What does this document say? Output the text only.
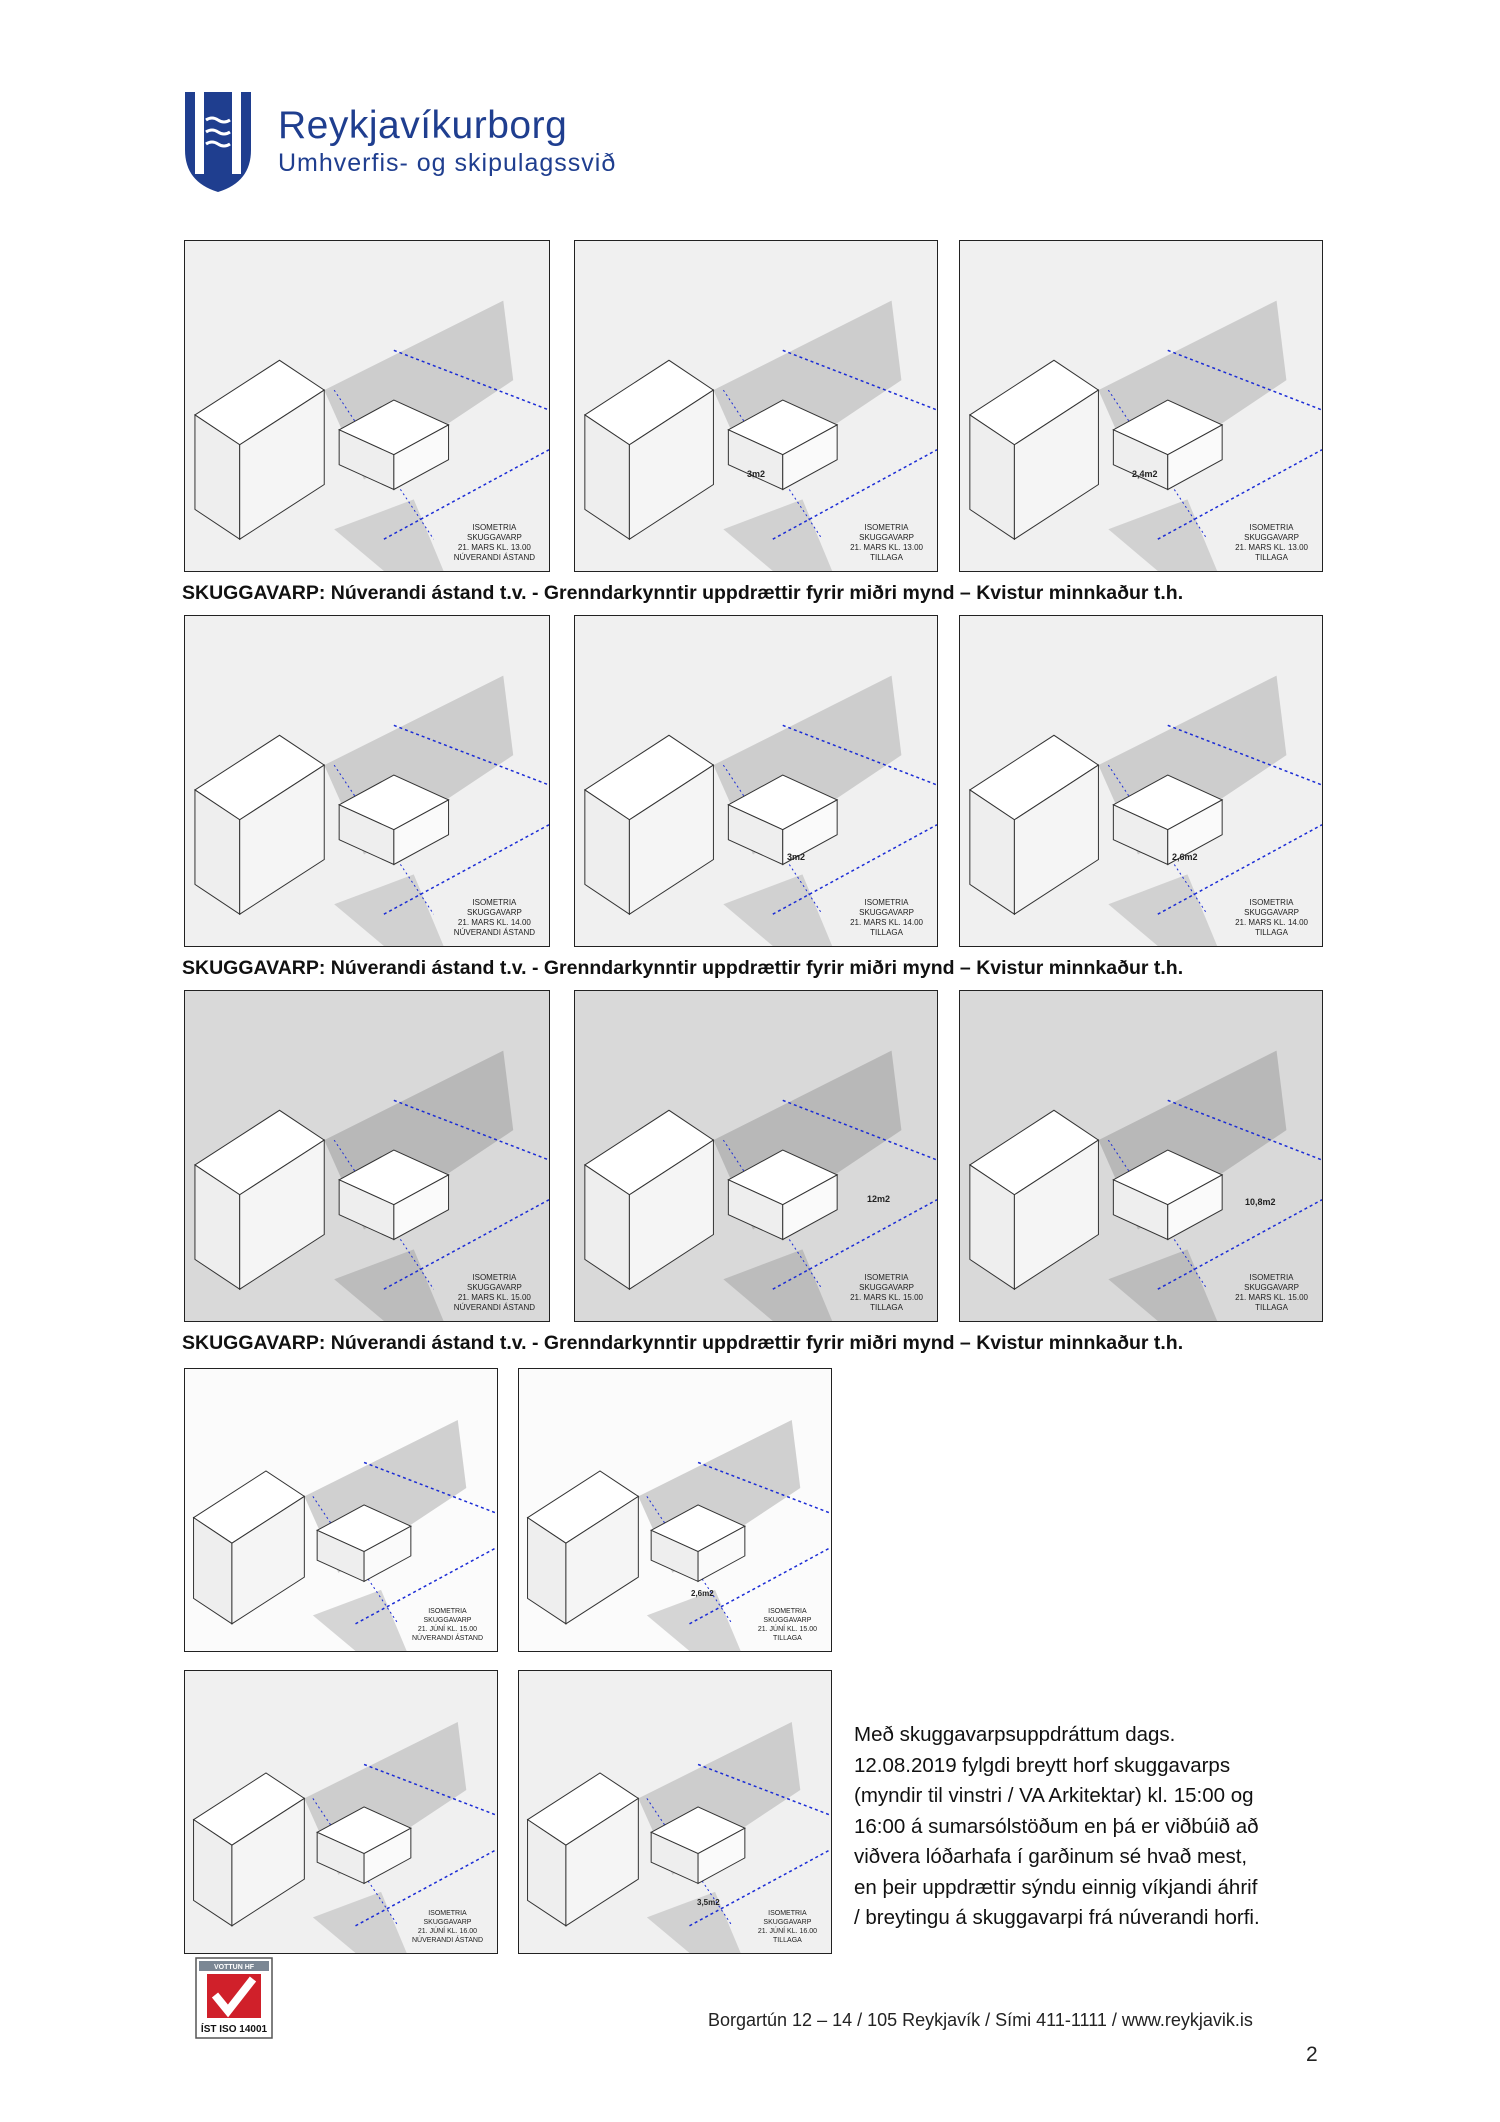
Reykjavíkurborg
Umhverfis- og skipulagssvið
ISOMETRIA
SKUGGAVARP
21. MARS KL. 13.00
NÚVERANDI ÁSTAND
3m2
ISOMETRIA
SKUGGAVARP
21. MARS KL. 13.00
TILLAGA
2,4m2
ISOMETRIA
SKUGGAVARP
21. MARS KL. 13.00
TILLAGA
SKUGGAVARP: Núverandi ástand t.v. - Grenndarkynntir uppdrættir fyrir miðri mynd – Kvistur minnkaður t.h.
ISOMETRIA
SKUGGAVARP
21. MARS KL. 14.00
NÚVERANDI ÁSTAND
3m2
ISOMETRIA
SKUGGAVARP
21. MARS KL. 14.00
TILLAGA
2,6m2
ISOMETRIA
SKUGGAVARP
21. MARS KL. 14.00
TILLAGA
SKUGGAVARP: Núverandi ástand t.v. - Grenndarkynntir uppdrættir fyrir miðri mynd – Kvistur minnkaður t.h.
ISOMETRIA
SKUGGAVARP
21. MARS KL. 15.00
NÚVERANDI ÁSTAND
12m2
ISOMETRIA
SKUGGAVARP
21. MARS KL. 15.00
TILLAGA
10,8m2
ISOMETRIA
SKUGGAVARP
21. MARS KL. 15.00
TILLAGA
SKUGGAVARP: Núverandi ástand t.v. - Grenndarkynntir uppdrættir fyrir miðri mynd – Kvistur minnkaður t.h.
ISOMETRIA
SKUGGAVARP
21. JÚNÍ KL. 15.00
NÚVERANDI ÁSTAND
2,6m2
ISOMETRIA
SKUGGAVARP
21. JÚNÍ KL. 15.00
TILLAGA
ISOMETRIA
SKUGGAVARP
21. JÚNÍ KL. 16.00
NÚVERANDI ÁSTAND
3,5m2
ISOMETRIA
SKUGGAVARP
21. JÚNÍ KL. 16.00
TILLAGA
Með skuggavarpsuppdráttum dags.
12.08.2019 fylgdi breytt horf skuggavarps
(myndir til vinstri / VA Arkitektar) kl. 15:00 og
16:00 á sumarsólstöðum en þá er viðbúið að
viðvera lóðarhafa í garðinum sé hvað mest,
en þeir uppdrættir sýndu einnig víkjandi áhrif
/ breytingu á skuggavarpi frá núverandi horfi.
VOTTUN HF
ÍST ISO 14001	Borgartún 12 – 14 / 105 Reykjavík / Sími 411-1111 / www.reykjavik.is
2
